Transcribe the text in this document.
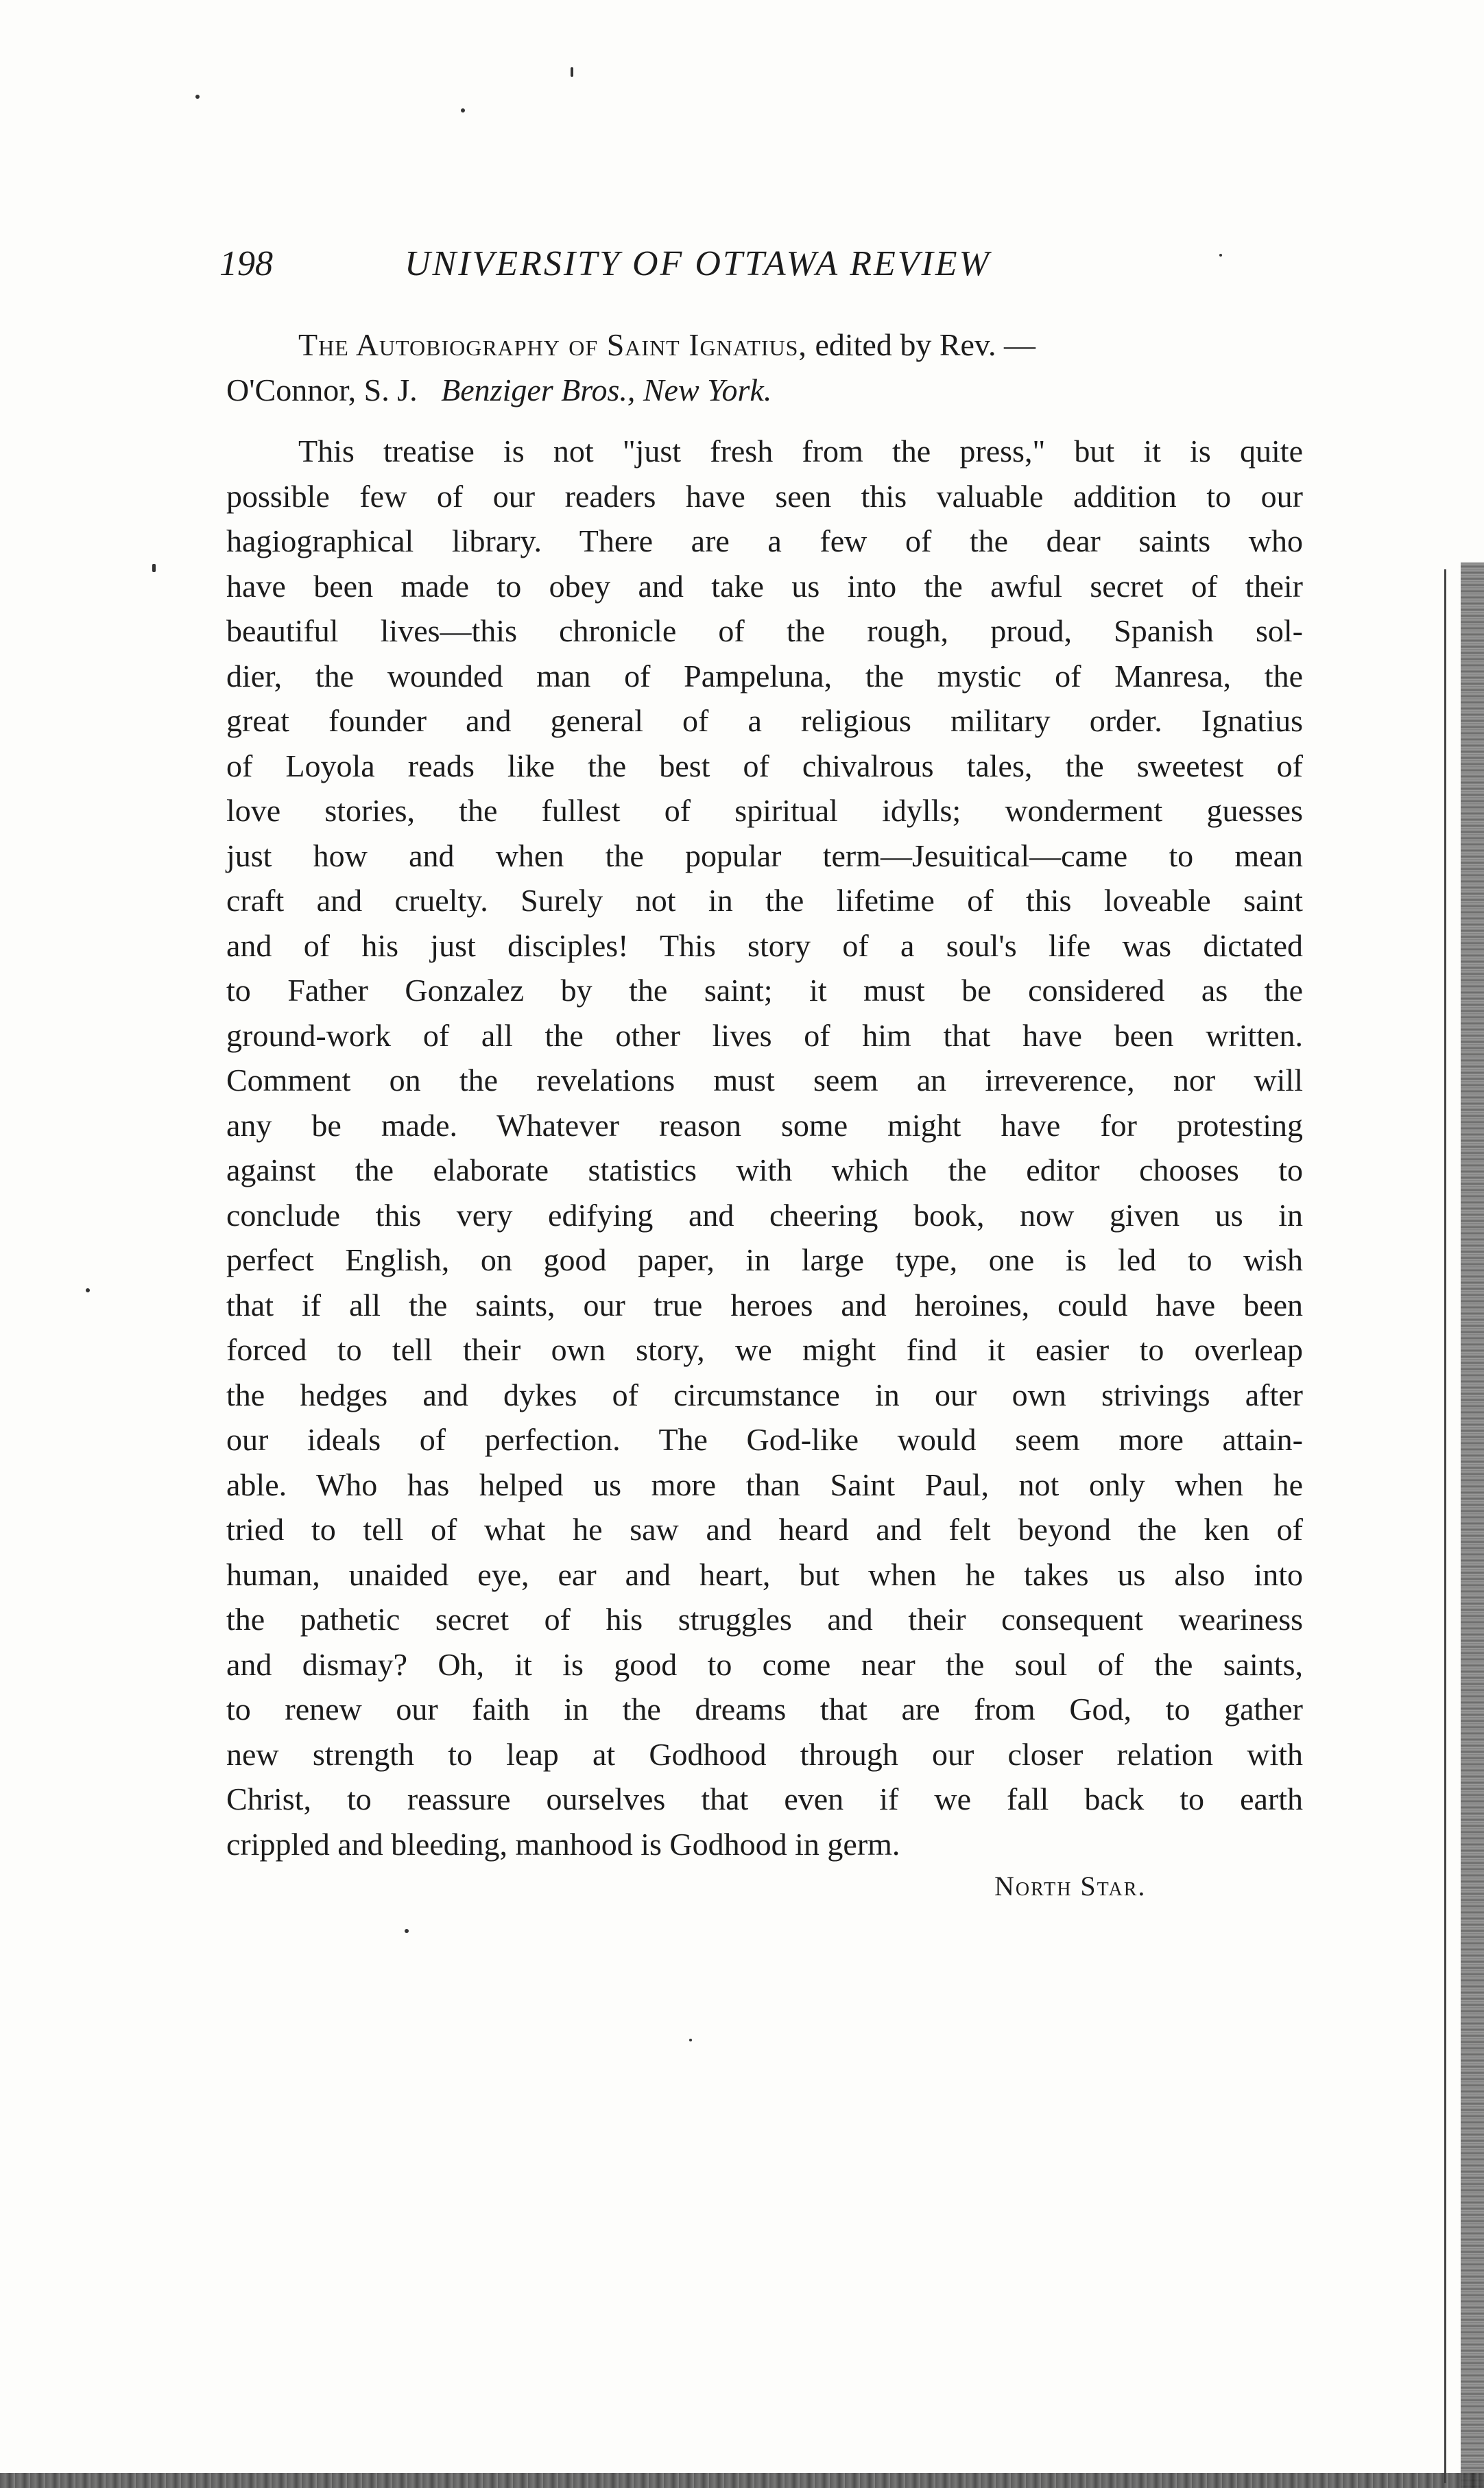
198	UNIVERSITY OF OTTAWA REVIEW
The Autobiography of Saint Ignatius, edited by Rev. —
O'Connor, S. J. Benziger Bros., New York.
This treatise is not "just fresh from the press," but it is quite
possible few of our readers have seen this valuable addition to our
hagiographical library. There are a few of the dear saints who
have been made to obey and take us into the awful secret of their
beautiful lives—this chronicle of the rough, proud, Spanish sol-
dier, the wounded man of Pampeluna, the mystic of Manresa, the
great founder and general of a religious military order. Ignatius
of Loyola reads like the best of chivalrous tales, the sweetest of
love stories, the fullest of spiritual idylls; wonderment guesses
just how and when the popular term—Jesuitical—came to mean
craft and cruelty. Surely not in the lifetime of this loveable saint
and of his just disciples! This story of a soul's life was dictated
to Father Gonzalez by the saint; it must be considered as the
ground-work of all the other lives of him that have been written.
Comment on the revelations must seem an irreverence, nor will
any be made. Whatever reason some might have for protesting
against the elaborate statistics with which the editor chooses to
conclude this very edifying and cheering book, now given us in
perfect English, on good paper, in large type, one is led to wish
that if all the saints, our true heroes and heroines, could have been
forced to tell their own story, we might find it easier to overleap
the hedges and dykes of circumstance in our own strivings after
our ideals of perfection. The God-like would seem more attain-
able. Who has helped us more than Saint Paul, not only when he
tried to tell of what he saw and heard and felt beyond the ken of
human, unaided eye, ear and heart, but when he takes us also into
the pathetic secret of his struggles and their consequent weariness
and dismay? Oh, it is good to come near the soul of the saints,
to renew our faith in the dreams that are from God, to gather
new strength to leap at Godhood through our closer relation with
Christ, to reassure ourselves that even if we fall back to earth
crippled and bleeding, manhood is Godhood in germ.
North Star.
